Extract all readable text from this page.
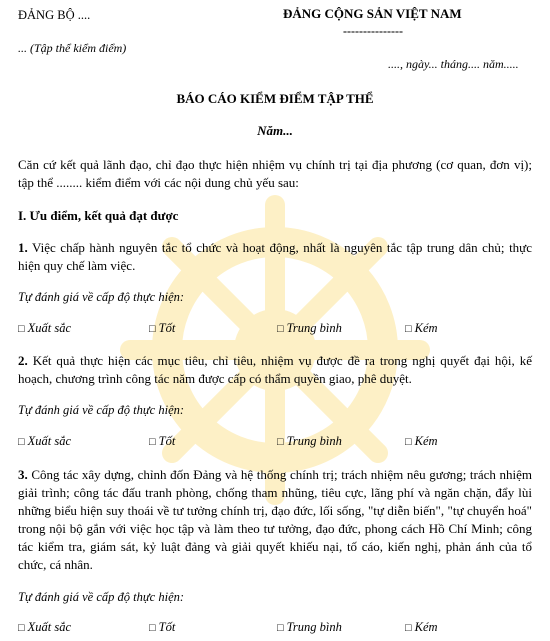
ĐẢNG BỘ ....	ĐẢNG CỘNG SẢN VIỆT NAM
---------------
... (Tập thể kiểm điểm)
...., ngày... tháng.... năm.....
BÁO CÁO KIỂM ĐIỂM TẬP THỂ
Năm...
Căn cứ kết quả lãnh đạo, chỉ đạo thực hiện nhiệm vụ chính trị tại địa phương (cơ quan, đơn vị); tập thể ........ kiểm điểm với các nội dung chủ yếu sau:
I. Ưu điểm, kết quả đạt được
1. Việc chấp hành nguyên tắc tổ chức và hoạt động, nhất là nguyên tắc tập trung dân chủ; thực hiện quy chế làm việc.
Tự đánh giá về cấp độ thực hiện:
□ Xuất sắc	□ Tốt	□ Trung bình	□ Kém
2. Kết quả thực hiện các mục tiêu, chỉ tiêu, nhiệm vụ được đề ra trong nghị quyết đại hội, kế hoạch, chương trình công tác năm được cấp có thẩm quyền giao, phê duyệt.
Tự đánh giá về cấp độ thực hiện:
□ Xuất sắc	□ Tốt	□ Trung bình	□ Kém
3. Công tác xây dựng, chỉnh đốn Đảng và hệ thống chính trị; trách nhiệm nêu gương; trách nhiệm giải trình; công tác đấu tranh phòng, chống tham nhũng, tiêu cực, lãng phí và ngăn chặn, đẩy lùi những biểu hiện suy thoái về tư tưởng chính trị, đạo đức, lối sống, "tự diễn biến", "tự chuyển hoá" trong nội bộ gắn với việc học tập và làm theo tư tưởng, đạo đức, phong cách Hồ Chí Minh; công tác kiểm tra, giám sát, kỷ luật đảng và giải quyết khiếu nại, tố cáo, kiến nghị, phản ánh của tổ chức, cá nhân.
Tự đánh giá về cấp độ thực hiện:
□ Xuất sắc	□ Tốt	□ Trung bình	□ Kém
